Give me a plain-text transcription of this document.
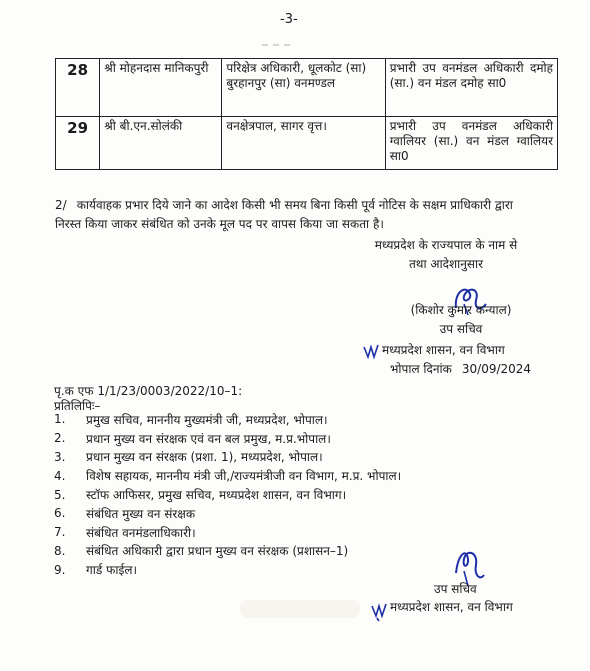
-3-
28	श्री मोहनदास मानिकपुरी	परिक्षेत्र अधिकारी, धूलकोट (सा) बुरहानपुर (सा) वनमण्डल	प्रभारी उप वनमंडल अधिकारी दमोह (सा.) वन मंडल दमोह सा0
29	श्री बी.एन.सोलंकी	वनक्षेत्रपाल, सागर वृत्त।	प्रभारी उप वनमंडल अधिकारी ग्वालियर (सा.) वन मंडल ग्वालियर सा0
2/ कार्यवाहक प्रभार दिये जाने का आदेश किसी भी समय बिना किसी पूर्व नोटिस के सक्षम प्राधिकारी द्वारा
निरस्त किया जाकर संबंधित को उनके मूल पद पर वापस किया जा सकता है।
मध्यप्रदेश के राज्यपाल के नाम से
तथा आदेशानुसार
(किशोर कुमार कन्याल)
उप सचिव
मध्यप्रदेश शासन, वन विभाग
भोपाल दिनांक 30/09/2024
पृ.क एफ 1/1/23/0003/2022/10–1:
प्रतिलिपिः–
1.	प्रमुख सचिव, माननीय मुख्यमंत्री जी, मध्यप्रदेश, भोपाल।
2.	प्रधान मुख्य वन संरक्षक एवं वन बल प्रमुख, म.प्र.भोपाल।
3.	प्रधान मुख्य वन संरक्षक (प्रशा. 1), मध्यप्रदेश, भोपाल।
4.	विशेष सहायक, माननीय मंत्री जी,/राज्यमंत्रीजी वन विभाग, म.प्र. भोपाल।
5.	स्टॉफ आफिसर, प्रमुख सचिव, मध्यप्रदेश शासन, वन विभाग।
6.	संबंधित मुख्य वन संरक्षक
7.	संबंधित वनमंडलाधिकारी।
8.	संबंधित अधिकारी द्वारा प्रधान मुख्य वन संरक्षक (प्रशासन–1)
9.	गार्ड फाईल।
उप सचिव
मध्यप्रदेश शासन, वन विभाग
